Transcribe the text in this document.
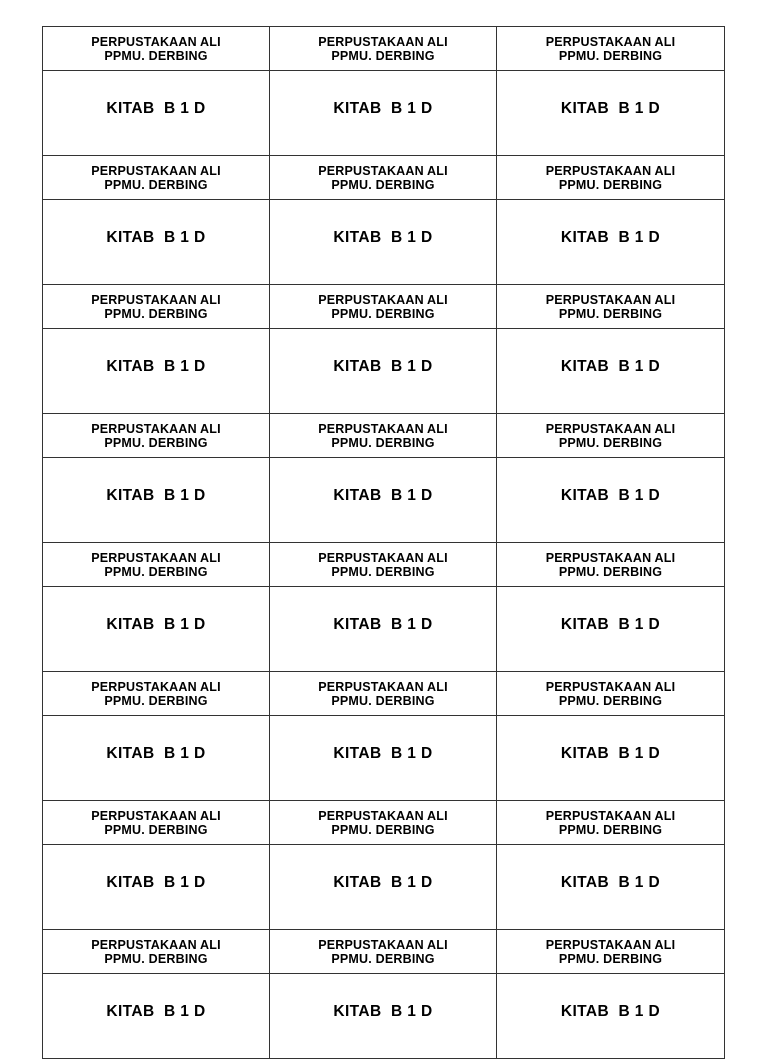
PERPUSTAKAAN ALI
PPMU. DERBING	PERPUSTAKAAN ALI
PPMU. DERBING	PERPUSTAKAAN ALI
PPMU. DERBING

KITAB  B 1 D	KITAB  B 1 D	KITAB  B 1 D

PERPUSTAKAAN ALI
PPMU. DERBING	PERPUSTAKAAN ALI
PPMU. DERBING	PERPUSTAKAAN ALI
PPMU. DERBING

KITAB  B 1 D	KITAB  B 1 D	KITAB  B 1 D

PERPUSTAKAAN ALI
PPMU. DERBING	PERPUSTAKAAN ALI
PPMU. DERBING	PERPUSTAKAAN ALI
PPMU. DERBING

KITAB  B 1 D	KITAB  B 1 D	KITAB  B 1 D

PERPUSTAKAAN ALI
PPMU. DERBING	PERPUSTAKAAN ALI
PPMU. DERBING	PERPUSTAKAAN ALI
PPMU. DERBING

KITAB  B 1 D	KITAB  B 1 D	KITAB  B 1 D

PERPUSTAKAAN ALI
PPMU. DERBING	PERPUSTAKAAN ALI
PPMU. DERBING	PERPUSTAKAAN ALI
PPMU. DERBING

KITAB  B 1 D	KITAB  B 1 D	KITAB  B 1 D

PERPUSTAKAAN ALI
PPMU. DERBING	PERPUSTAKAAN ALI
PPMU. DERBING	PERPUSTAKAAN ALI
PPMU. DERBING

KITAB  B 1 D	KITAB  B 1 D	KITAB  B 1 D

PERPUSTAKAAN ALI
PPMU. DERBING	PERPUSTAKAAN ALI
PPMU. DERBING	PERPUSTAKAAN ALI
PPMU. DERBING

KITAB  B 1 D	KITAB  B 1 D	KITAB  B 1 D

PERPUSTAKAAN ALI
PPMU. DERBING	PERPUSTAKAAN ALI
PPMU. DERBING	PERPUSTAKAAN ALI
PPMU. DERBING

KITAB  B 1 D	KITAB  B 1 D	KITAB  B 1 D
